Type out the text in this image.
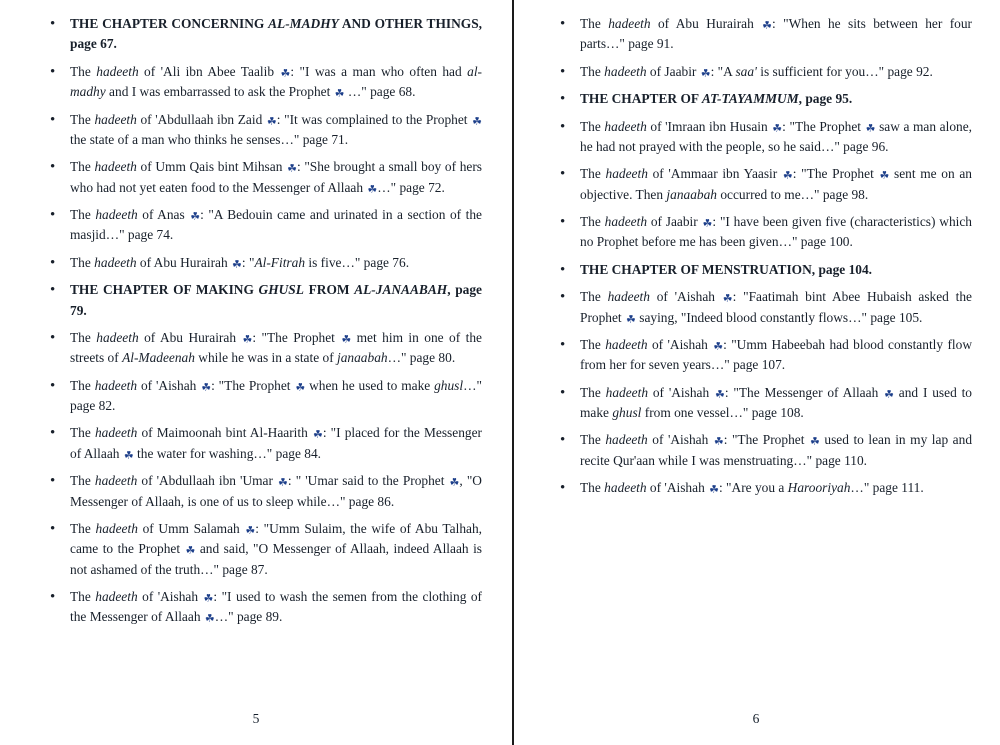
• THE CHAPTER CONCERNING AL-MADHY AND OTHER THINGS, page 67.
• The hadeeth of 'Ali ibn Abee Taalib ☘: "I was a man who often had al-madhy and I was embarrassed to ask the Prophet ☘ …" page 68.
• The hadeeth of 'Abdullaah ibn Zaid ☘: "It was complained to the Prophet ☘ the state of a man who thinks he senses…" page 71.
• The hadeeth of Umm Qais bint Mihsan ☘: "She brought a small boy of hers who had not yet eaten food to the Messenger of Allaah ☘…" page 72.
• The hadeeth of Anas ☘: "A Bedouin came and urinated in a section of the masjid…" page 74.
• The hadeeth of Abu Hurairah ☘: "Al-Fitrah is five…" page 76.
• THE CHAPTER OF MAKING GHUSL FROM AL-JANAABAH, page 79.
• The hadeeth of Abu Hurairah ☘: "The Prophet ☘ met him in one of the streets of Al-Madeenah while he was in a state of janaabah…" page 80.
• The hadeeth of 'Aishah ☘: "The Prophet ☘ when he used to make ghusl…" page 82.
• The hadeeth of Maimoonah bint Al-Haarith ☘: "I placed for the Messenger of Allaah ☘ the water for washing…" page 84.
• The hadeeth of 'Abdullaah ibn 'Umar ☘: " 'Umar said to the Prophet ☘, "O Messenger of Allaah, is one of us to sleep while…" page 86.
• The hadeeth of Umm Salamah ☘: "Umm Sulaim, the wife of Abu Talhah, came to the Prophet ☘ and said, "O Messenger of Allaah, indeed Allaah is not ashamed of the truth…" page 87.
• The hadeeth of 'Aishah ☘: "I used to wash the semen from the clothing of the Messenger of Allaah ☘…" page 89.
5
• The hadeeth of Abu Hurairah ☘: "When he sits between her four parts…" page 91.
• The hadeeth of Jaabir ☘: "A saa' is sufficient for you…" page 92.
• THE CHAPTER OF AT-TAYAMMUM, page 95.
• The hadeeth of 'Imraan ibn Husain ☘: "The Prophet ☘ saw a man alone, he had not prayed with the people, so he said…" page 96.
• The hadeeth of 'Ammaar ibn Yaasir ☘: "The Prophet ☘ sent me on an objective. Then janaabah occurred to me…" page 98.
• The hadeeth of Jaabir ☘: "I have been given five (characteristics) which no Prophet before me has been given…" page 100.
• THE CHAPTER OF MENSTRUATION, page 104.
• The hadeeth of 'Aishah ☘: "Faatimah bint Abee Hubaish asked the Prophet ☘ saying, "Indeed blood constantly flows…" page 105.
• The hadeeth of 'Aishah ☘: "Umm Habeebah had blood constantly flow from her for seven years…" page 107.
• The hadeeth of 'Aishah ☘: "The Messenger of Allaah ☘ and I used to make ghusl from one vessel…" page 108.
• The hadeeth of 'Aishah ☘: "The Prophet ☘ used to lean in my lap and recite Qur'aan while I was menstruating…" page 110.
• The hadeeth of 'Aishah ☘: "Are you a Harooriyah…" page 111.
6
